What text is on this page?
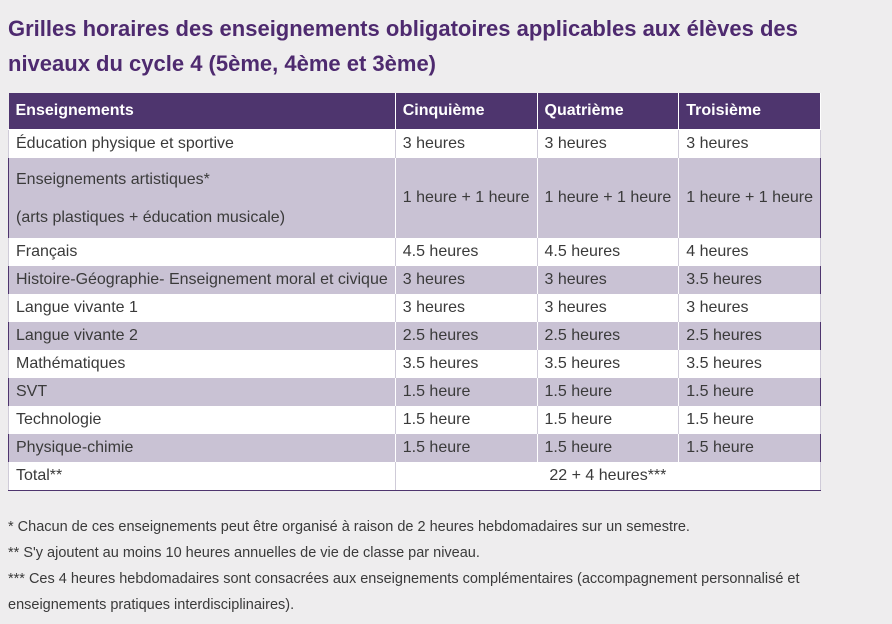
Grilles horaires des enseignements obligatoires applicables aux élèves des niveaux du cycle 4 (5ème, 4ème et 3ème)
Enseignements	Cinquième	Quatrième	Troisième
Éducation physique et sportive	3 heures	3 heures	3 heures

Enseignements artistiques*
(arts plastiques + éducation musicale)	1 heure + 1 heure	1 heure + 1 heure	1 heure + 1 heure
Français	4.5 heures	4.5 heures	4 heures
Histoire-Géographie- Enseignement moral et civique	3 heures	3 heures	3.5 heures
Langue vivante 1	3 heures	3 heures	3 heures
Langue vivante 2	2.5 heures	2.5 heures	2.5 heures
Mathématiques	3.5 heures	3.5 heures	3.5 heures
SVT	1.5 heure	1.5 heure	1.5 heure
Technologie	1.5 heure	1.5 heure	1.5 heure
Physique-chimie	1.5 heure	1.5 heure	1.5 heure
Total**	22 + 4 heures***		

* Chacun de ces enseignements peut être organisé à raison de 2 heures hebdomadaires sur un semestre.

** S'y ajoutent au moins 10 heures annuelles de vie de classe par niveau.

*** Ces 4 heures hebdomadaires sont consacrées aux enseignements complémentaires (accompagnement personnalisé et enseignements pratiques interdisciplinaires).
